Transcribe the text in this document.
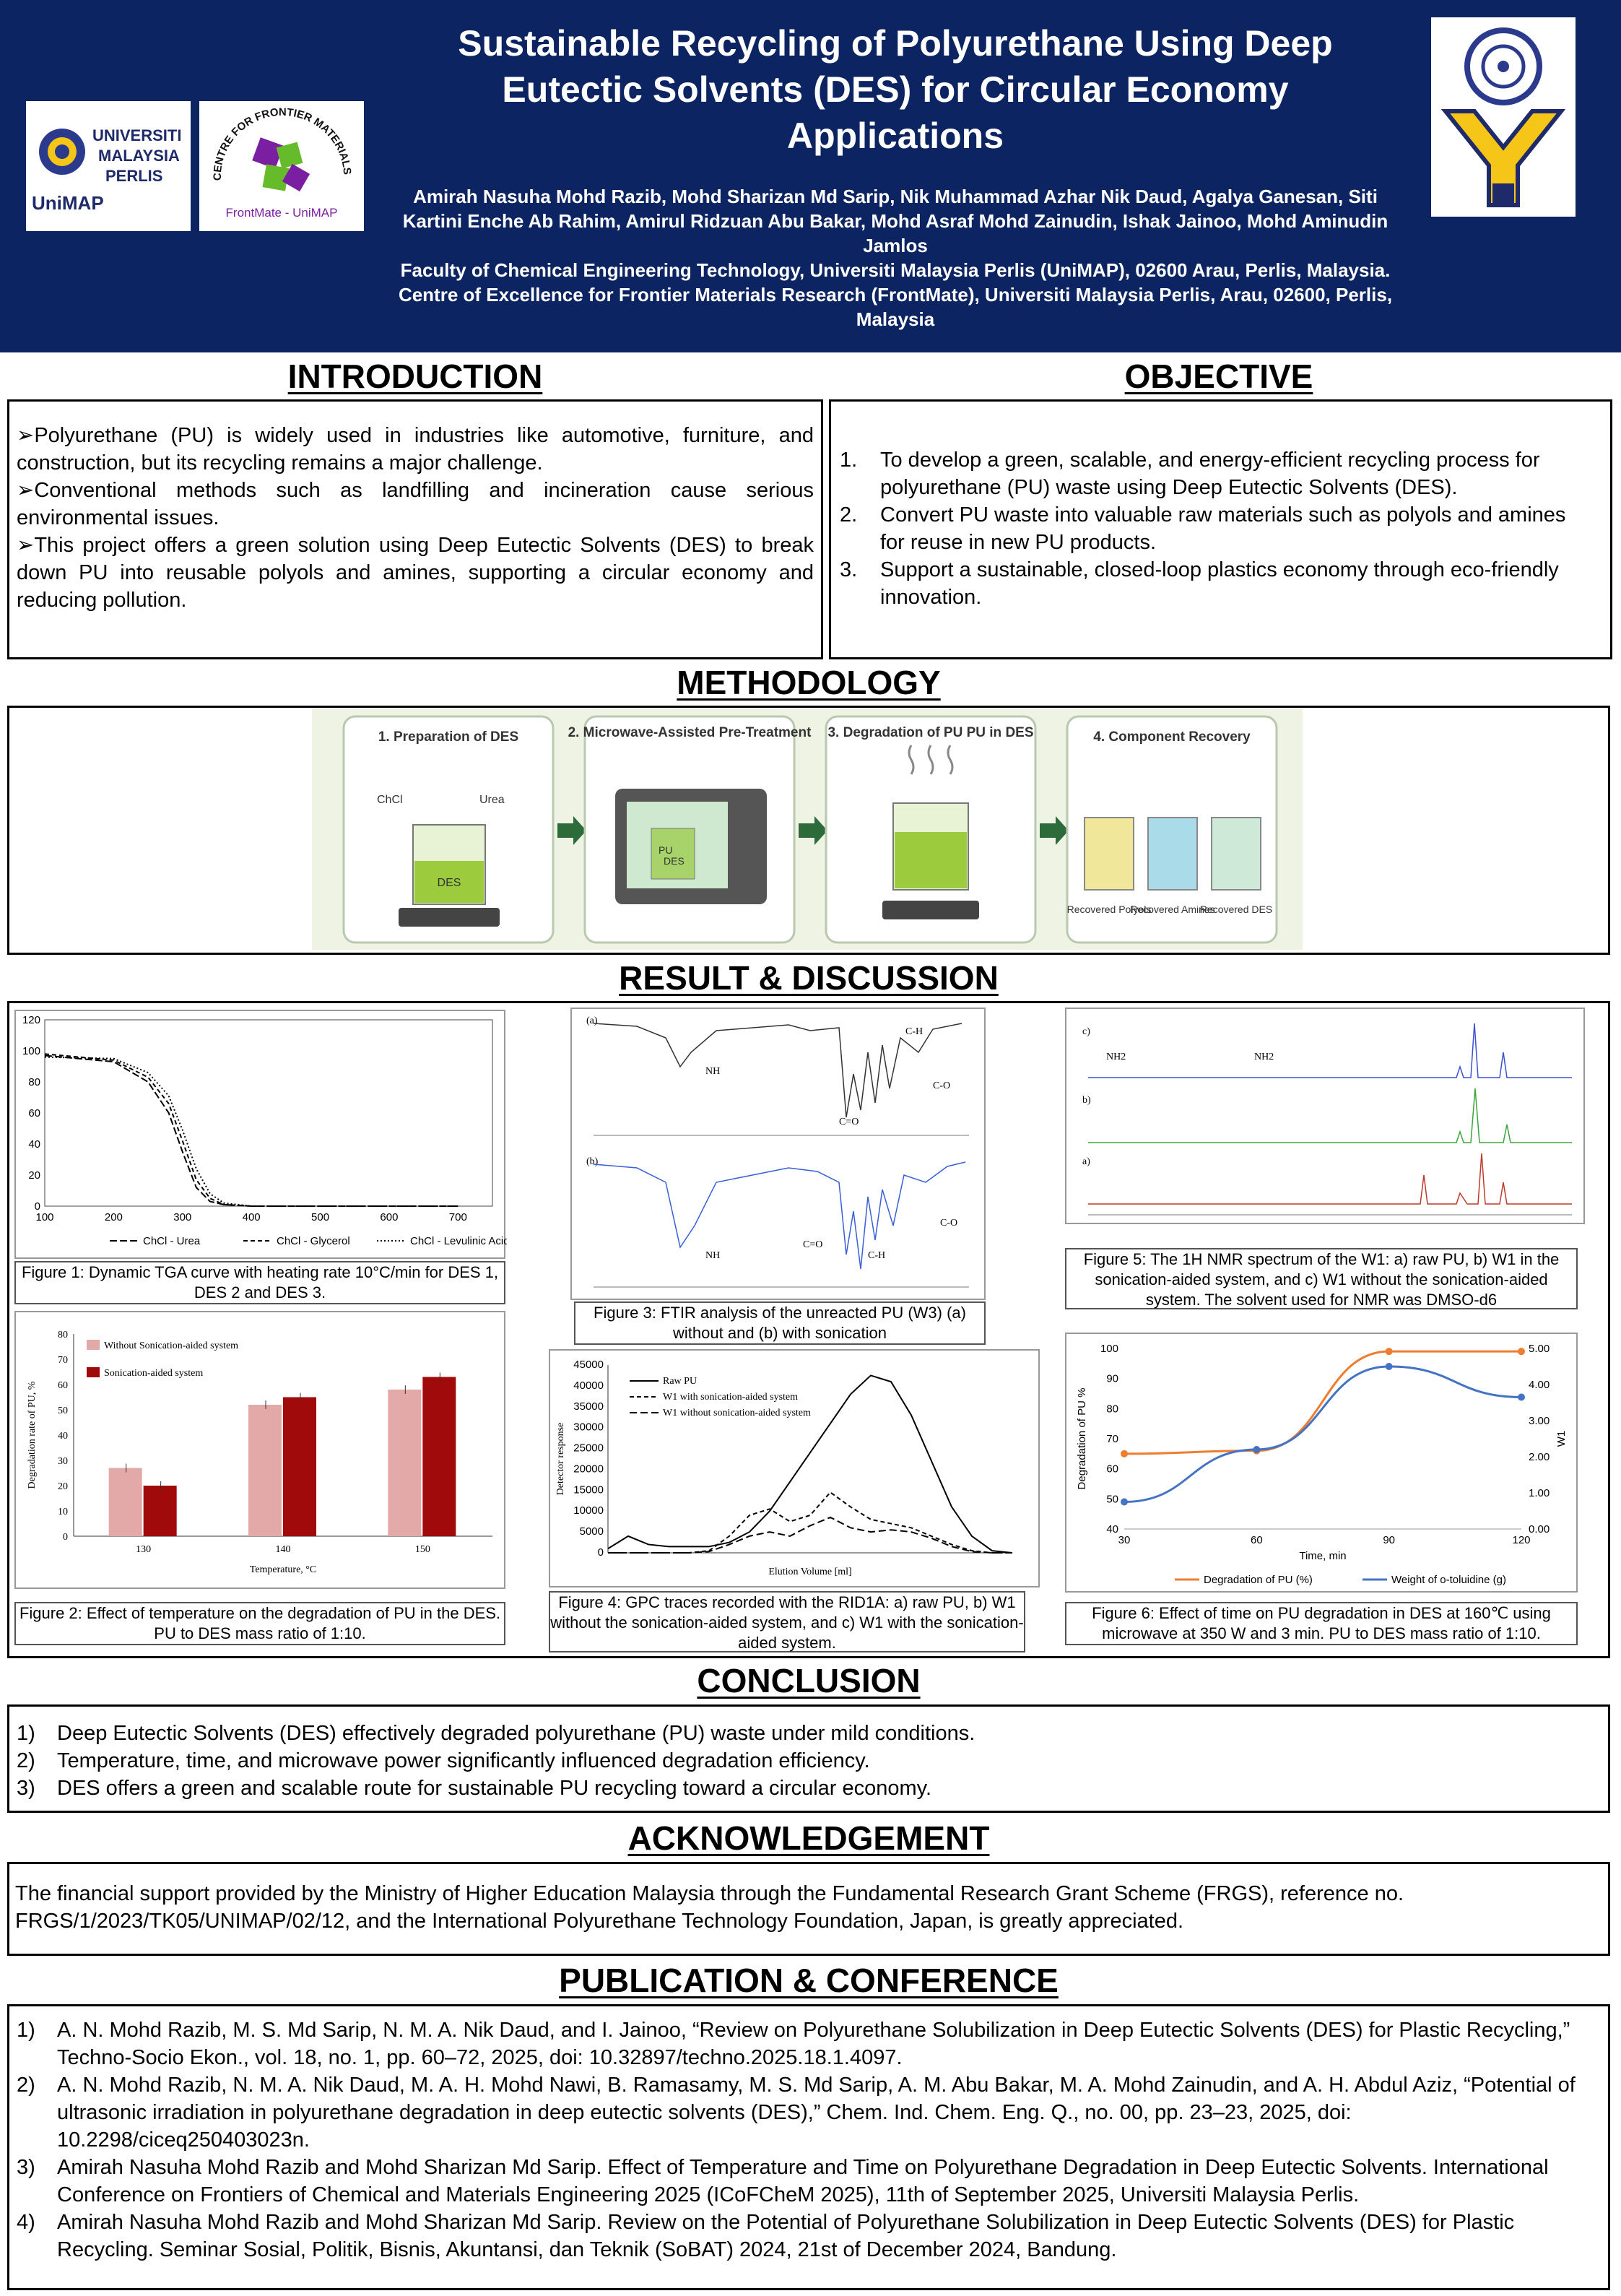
UNIVERSITI
MALAYSIA
PERLIS
UniMAP
CENTRE FOR FRONTIER MATERIALS
FrontMate - UniMAP
Sustainable Recycling of Polyurethane Using Deep Eutectic Solvents (DES) for Circular Economy Applications
Amirah Nasuha Mohd Razib, Mohd Sharizan Md Sarip, Nik Muhammad Azhar Nik Daud, Agalya Ganesan, Siti Kartini Enche Ab Rahim, Amirul Ridzuan Abu Bakar, Mohd Asraf Mohd Zainudin, Ishak Jainoo, Mohd Aminudin Jamlos
Faculty of Chemical Engineering Technology, Universiti Malaysia Perlis (UniMAP), 02600 Arau, Perlis, Malaysia.
Centre of Excellence for Frontier Materials Research (FrontMate), Universiti Malaysia Perlis, Arau, 02600, Perlis, Malaysia
INTRODUCTION
➢Polyurethane (PU) is widely used in industries like automotive, furniture, and construction, but its recycling remains a major challenge.
➢Conventional methods such as landfilling and incineration cause serious environmental issues.
➢This project offers a green solution using Deep Eutectic Solvents (DES) to break down PU into reusable polyols and amines, supporting a circular economy and reducing pollution.
OBJECTIVE
1. To develop a green, scalable, and energy-efficient recycling process for polyurethane (PU) waste using Deep Eutectic Solvents (DES).
2. Convert PU waste into valuable raw materials such as polyols and amines for reuse in new PU products.
3. Support a sustainable, closed-loop plastics economy through eco-friendly innovation.
METHODOLOGY
1. Preparation of DES
ChCl	Urea
DES
2. Microwave-Assisted Pre-Treatment
PU
DES
3. Degradation of PU PU in DES	4. Component Recovery
Recovered Polyols
Recovered Amines
Recovered DES
RESULT & DISCUSSION
0
20
40
60
80
100
120
100	200	300	400	500	600	700
ChCl - Urea	ChCl - Glycerol	ChCl - Levulinic Acid
Figure 1: Dynamic TGA curve with heating rate 10°C/min for DES 1, DES 2 and DES 3.
0
10
20
30
40
50
60
70
80
130	140	150
Temperature, °C
Degradation rate of PU, %
Without Sonication-aided system
Sonication-aided system
Figure 2: Effect of temperature on the degradation of PU in the DES. PU to DES mass ratio of 1:10.
(a)
NH
C-H
C=O
C-O
(b)
NH	C-H
C=O
C-O
Figure 3: FTIR analysis of the unreacted PU (W3) (a) without and (b) with sonication
0
5000
10000
15000
20000
25000
30000
35000
40000
45000
Raw PU
W1 with sonication-aided system
W1 without sonication-aided system
Elution Volume [ml]
Detector response
Figure 4: GPC traces recorded with the RID1A: a) raw PU, b) W1 without the sonication-aided system, and c) W1 with the sonication-aided system.
c)
NH2	NH2
b)
a)
Figure 5: The 1H NMR spectrum of the W1: a) raw PU, b) W1 in the sonication-aided system, and c) W1 without the sonication-aided system. The solvent used for NMR was DMSO-d6
40
50
60
70
80
90
100
0.00
1.00
2.00
3.00
4.00
5.00
30	60	90	120
Degradation of PU (%)	Weight of o-toluidine (g)
Time, min
Degradation of PU %	W1
Figure 6: Effect of time on PU degradation in DES at 160℃ using microwave at 350 W and 3 min. PU to DES mass ratio of 1:10.
CONCLUSION
1) Deep Eutectic Solvents (DES) effectively degraded polyurethane (PU) waste under mild conditions.
2) Temperature, time, and microwave power significantly influenced degradation efficiency.
3) DES offers a green and scalable route for sustainable PU recycling toward a circular economy.
ACKNOWLEDGEMENT
The financial support provided by the Ministry of Higher Education Malaysia through the Fundamental Research Grant Scheme (FRGS), reference no. FRGS/1/2023/TK05/UNIMAP/02/12, and the International Polyurethane Technology Foundation, Japan, is greatly appreciated.
PUBLICATION & CONFERENCE
1) A. N. Mohd Razib, M. S. Md Sarip, N. M. A. Nik Daud, and I. Jainoo, “Review on Polyurethane Solubilization in Deep Eutectic Solvents (DES) for Plastic Recycling,” Techno-Socio Ekon., vol. 18, no. 1, pp. 60–72, 2025, doi: 10.32897/techno.2025.18.1.4097.
2) A. N. Mohd Razib, N. M. A. Nik Daud, M. A. H. Mohd Nawi, B. Ramasamy, M. S. Md Sarip, A. M. Abu Bakar, M. A. Mohd Zainudin, and A. H. Abdul Aziz, “Potential of ultrasonic irradiation in polyurethane degradation in deep eutectic solvents (DES),” Chem. Ind. Chem. Eng. Q., no. 00, pp. 23–23, 2025, doi: 10.2298/ciceq250403023n.
3) Amirah Nasuha Mohd Razib and Mohd Sharizan Md Sarip. Effect of Temperature and Time on Polyurethane Degradation in Deep Eutectic Solvents. International Conference on Frontiers of Chemical and Materials Engineering 2025 (ICoFCheM 2025), 11th of September 2025, Universiti Malaysia Perlis.
4) Amirah Nasuha Mohd Razib and Mohd Sharizan Md Sarip. Review on the Potential of Polyurethane Solubilization in Deep Eutectic Solvents (DES) for Plastic Recycling. Seminar Sosial, Politik, Bisnis, Akuntansi, dan Teknik (SoBAT) 2024, 21st of December 2024, Bandung.
